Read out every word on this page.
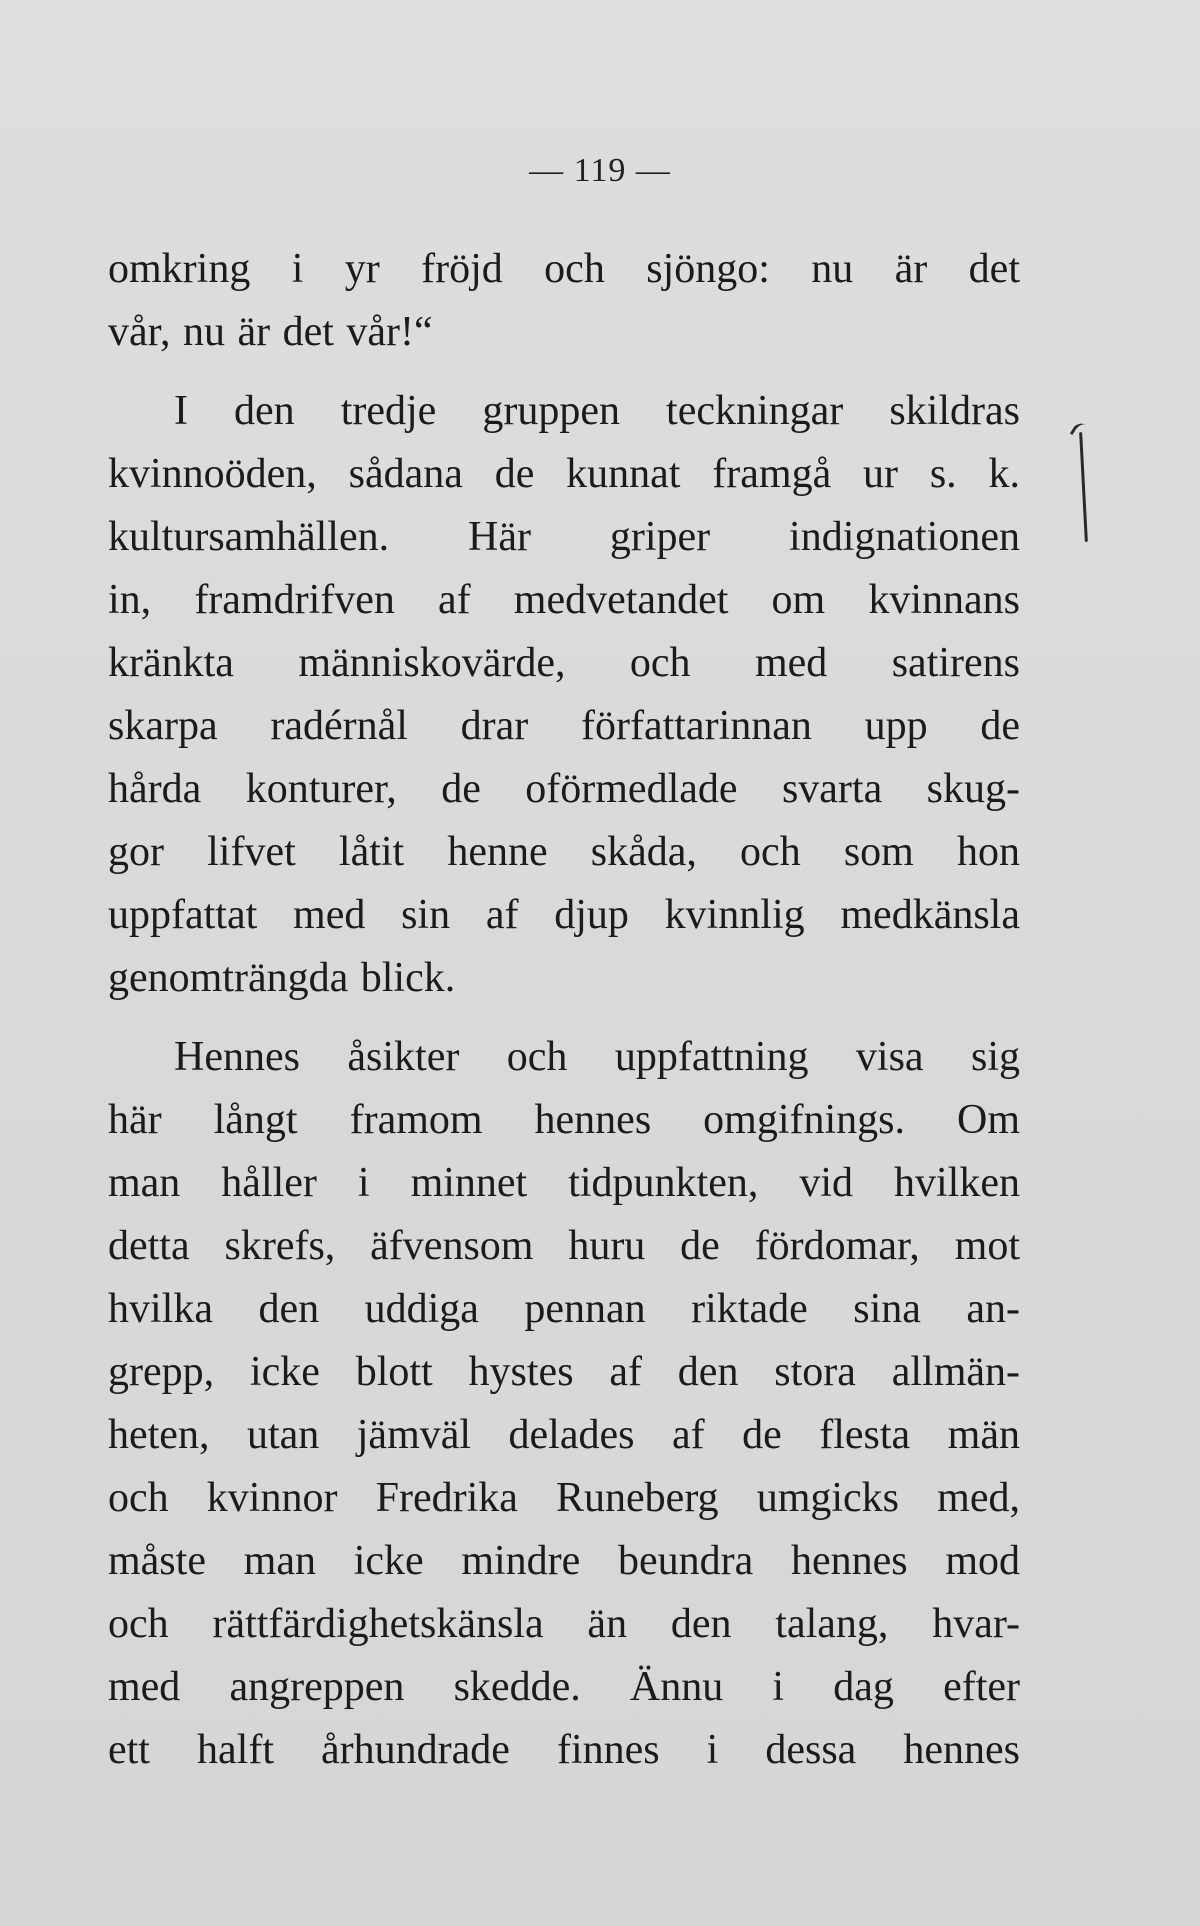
— 119 —
omkring i yr fröjd och sjöngo: nu är det
vår, nu är det vår!“
I den tredje gruppen teckningar skildras
kvinnoöden, sådana de kunnat framgå ur s. k.
kultursamhällen. Här griper indignationen
in, framdrifven af medvetandet om kvinnans
kränkta människovärde, och med satirens
skarpa radérnål drar författarinnan upp de
hårda konturer, de oförmedlade svarta skug-
gor lifvet låtit henne skåda, och som hon
uppfattat med sin af djup kvinnlig medkänsla
genomträngda blick.
Hennes åsikter och uppfattning visa sig
här långt framom hennes omgifnings. Om
man håller i minnet tidpunkten, vid hvilken
detta skrefs, äfvensom huru de fördomar, mot
hvilka den uddiga pennan riktade sina an-
grepp, icke blott hystes af den stora allmän-
heten, utan jämväl delades af de flesta män
och kvinnor Fredrika Runeberg umgicks med,
måste man icke mindre beundra hennes mod
och rättfärdighetskänsla än den talang, hvar-
med angreppen skedde. Ännu i dag efter
ett halft århundrade finnes i dessa hennes
